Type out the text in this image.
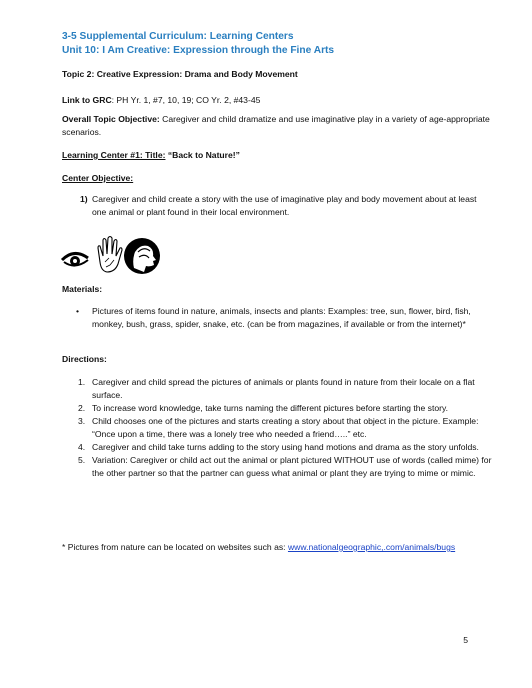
3-5 Supplemental Curriculum: Learning Centers
Unit 10: I Am Creative: Expression through the Fine Arts
Topic 2: Creative Expression: Drama and Body Movement
Link to GRC: PH Yr. 1, #7, 10, 19; CO Yr. 2, #43-45
Overall Topic Objective: Caregiver and child dramatize and use imaginative play in a variety of age-appropriate scenarios.
Learning Center #1: Title: “Back to Nature!”
Center Objective:
1) Caregiver and child create a story with the use of imaginative play and body movement about at least one animal or plant found in their local environment.
Materials:
• Pictures of items found in nature, animals, insects and plants: Examples: tree, sun, flower, bird, fish, monkey, bush, grass, spider, snake, etc. (can be from magazines, if available or from the internet)*
Directions:
1. Caregiver and child spread the pictures of animals or plants found in nature from their locale on a flat surface.
2. To increase word knowledge, take turns naming the different pictures before starting the story.
3. Child chooses one of the pictures and starts creating a story about that object in the picture. Example: “Once upon a time, there was a lonely tree who needed a friend…..” etc.
4. Caregiver and child take turns adding to the story using hand motions and drama as the story unfolds.
5. Variation: Caregiver or child act out the animal or plant pictured WITHOUT use of words (called mime) for the other partner so that the partner can guess what animal or plant they are trying to mime or mimic.
* Pictures from nature can be located on websites such as: www.nationalgeographic,.com/animals/bugs
5
